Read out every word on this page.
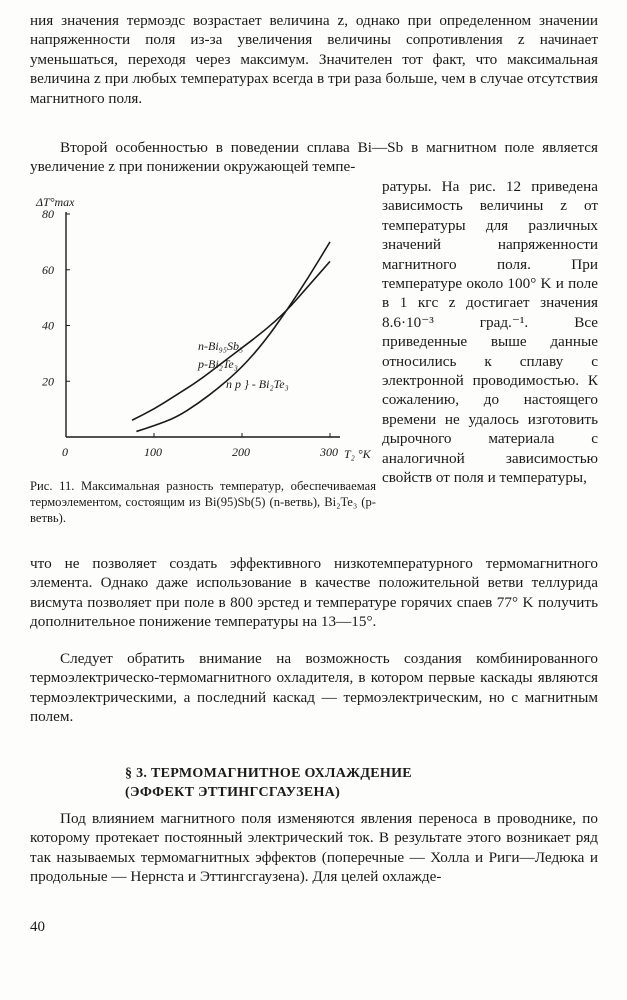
ния значения термоэдс возрастает величина z, однако при определенном значении напряженности поля из-за увеличения величины сопротивления z начинает уменьшаться, переходя через максимум. Значителен тот факт, что максимальная величина z при любых температурах всегда в три раза больше, чем в случае отсутствия магнитного поля.

Второй особенностью в поведении сплава Bi—Sb в магнитном поле является увеличение z при понижении окружающей темпе-

ратуры. На рис. 12 приведена зависимость величины z от температуры для различных значений напряженности магнитного поля. При температуре около 100° K и поле в 1 кгс z достигает значения 8.6·10⁻³ град.⁻¹. Все приведенные выше данные относились к сплаву с электронной проводимостью. К сожалению, до настоящего времени не удалось изготовить дырочного материала с аналогичной зависимостью свойств от поля и температуры,

0	100	200	300
20
40
60
80
ΔT°max
T₂ °K
n-Bi₉₅Sb₅
p-Bi₂Te₃
n p } - Bi₂Te₃
Рис. 11. Максимальная разность температур, обеспечиваемая термоэлементом, состоящим из Bi(95)Sb(5) (n-ветвь), Bi₂Te₃ (p-ветвь).

что не позволяет создать эффективного низкотемпературного термомагнитного элемента. Однако даже использование в качестве положительной ветви теллурида висмута позволяет при поле в 800 эрстед и температуре горячих спаев 77° K получить дополнительное понижение температуры на 13—15°.

Следует обратить внимание на возможность создания комбинированного термоэлектрическо-термомагнитного охладителя, в котором первые каскады являются термоэлектрическими, а последний каскад — термоэлектрическим, но с магнитным полем.

§ 3. ТЕРМОМАГНИТНОЕ ОХЛАЖДЕНИЕ
(ЭФФЕКТ ЭТТИНГСГАУЗЕНА)

Под влиянием магнитного поля изменяются явления переноса в проводнике, по которому протекает постоянный электрический ток. В результате этого возникает ряд так называемых термомагнитных эффектов (поперечные — Холла и Риги—Ледюка и продольные — Нернста и Эттингсгаузена). Для целей охлажде-

40
